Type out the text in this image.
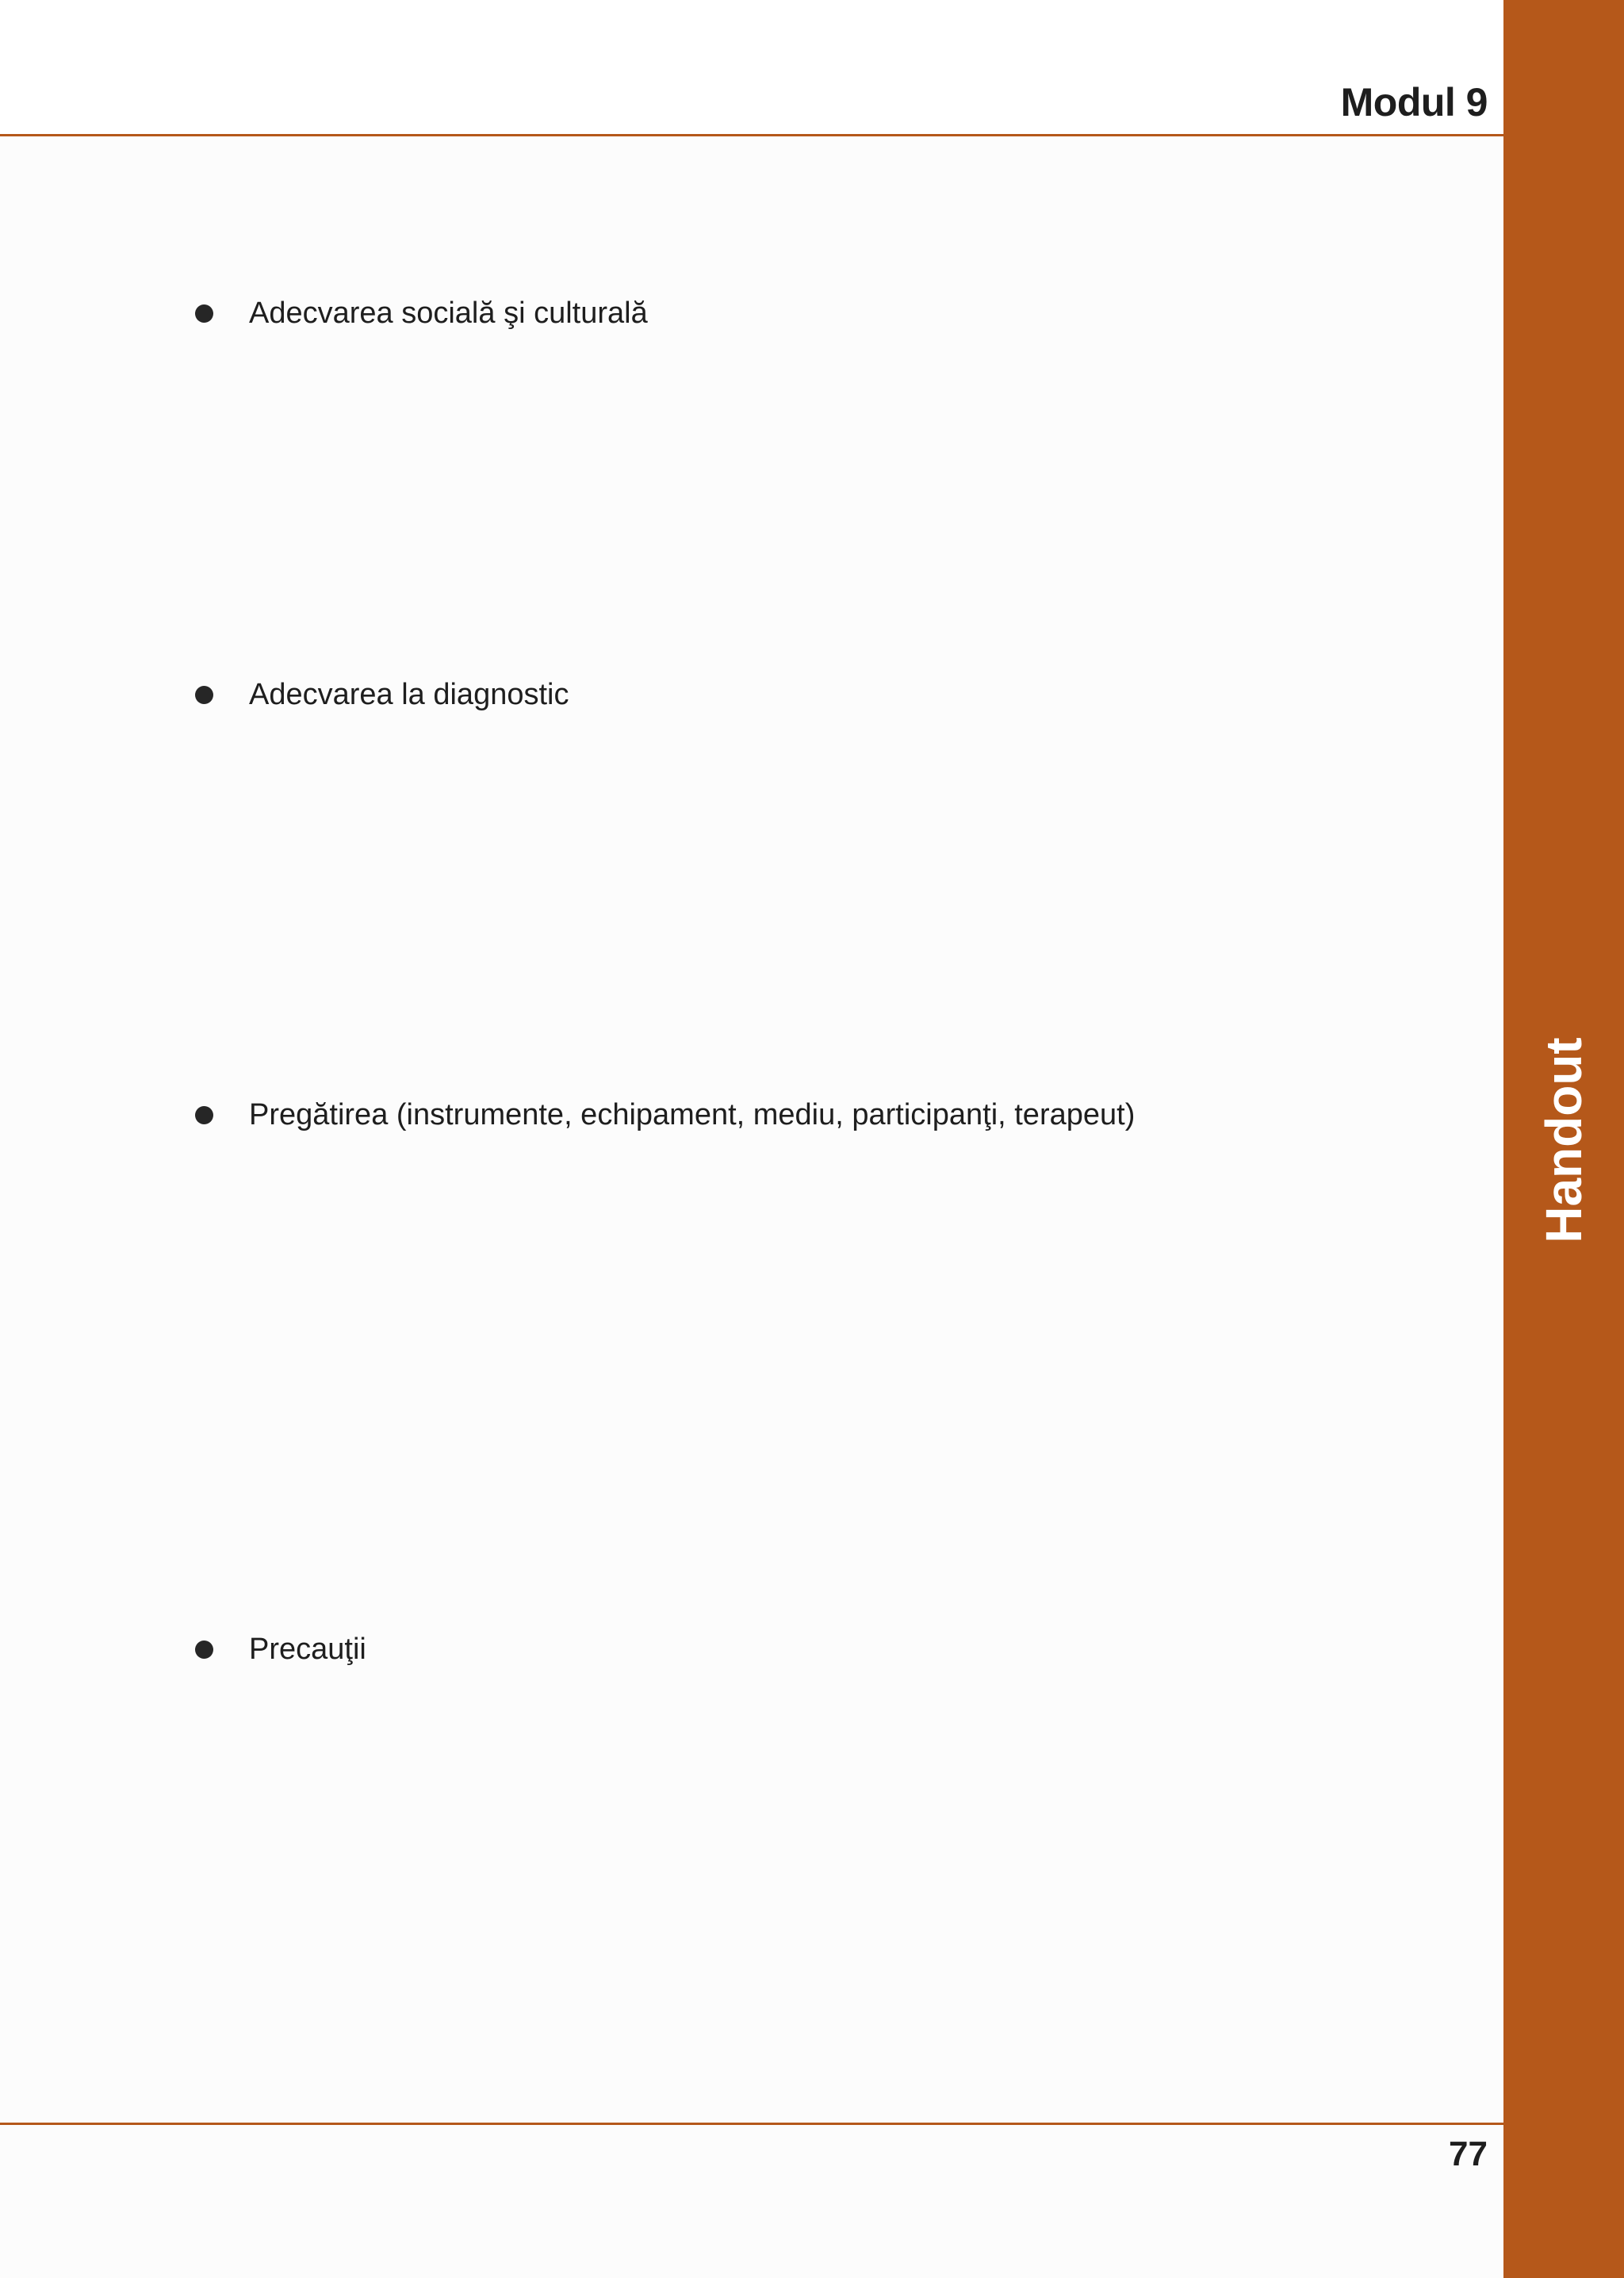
Modul 9
Handout
Adecvarea socială şi culturală
Adecvarea la diagnostic
Pregătirea (instrumente, echipament, mediu, participanţi, terapeut)
Precauţii
77
